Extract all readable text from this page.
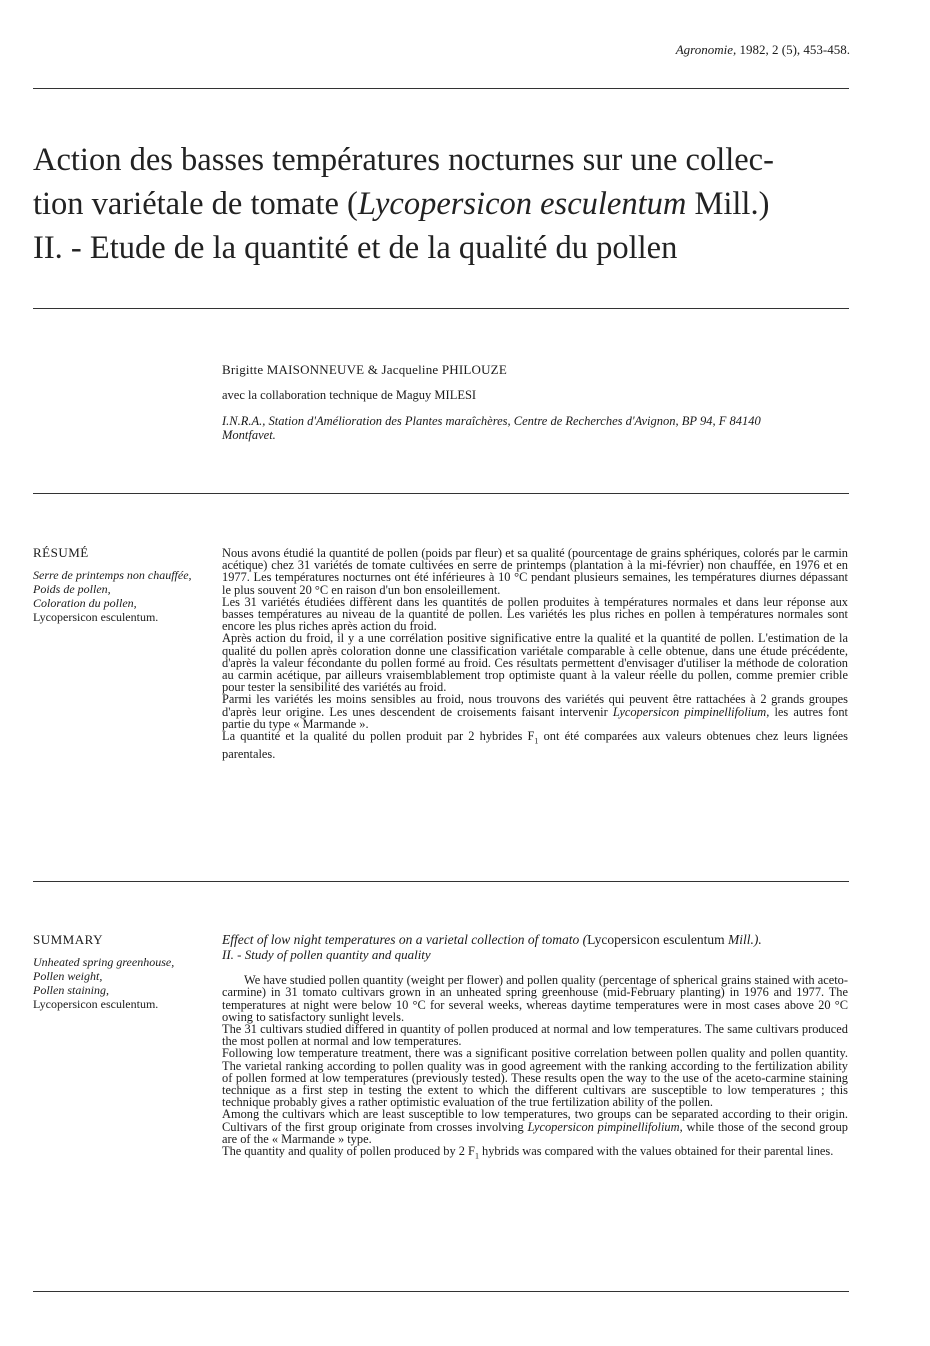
Agronomie, 1982, 2 (5), 453-458.
Action des basses températures nocturnes sur une collec-
tion variétale de tomate (Lycopersicon esculentum Mill.)
II. - Etude de la quantité et de la qualité du pollen
Brigitte MAISONNEUVE & Jacqueline PHILOUZE
avec la collaboration technique de Maguy MILESI
I.N.R.A., Station d'Amélioration des Plantes maraîchères, Centre de Recherches d'Avignon, BP 94, F 84140 Montfavet.
RÉSUMÉ
Serre de printemps non chauffée,
Poids de pollen,
Coloration du pollen,
Lycopersicon esculentum.

Nous avons étudié la quantité de pollen (poids par fleur) et sa qualité (pourcentage de grains sphériques, colorés par le carmin acétique) chez 31 variétés de tomate cultivées en serre de printemps (plantation à la mi-février) non chauffée, en 1976 et en 1977. Les températures nocturnes ont été inférieures à 10 °C pendant plusieurs semaines, les températures diurnes dépassant le plus souvent 20 °C en raison d'un bon ensoleillement.

Les 31 variétés étudiées diffèrent dans les quantités de pollen produites à températures normales et dans leur réponse aux basses températures au niveau de la quantité de pollen. Les variétés les plus riches en pollen à températures normales sont encore les plus riches après action du froid.

Après action du froid, il y a une corrélation positive significative entre la qualité et la quantité de pollen. L'estimation de la qualité du pollen après coloration donne une classification variétale comparable à celle obtenue, dans une étude précédente, d'après la valeur fécondante du pollen formé au froid. Ces résultats permettent d'envisager d'utiliser la méthode de coloration au carmin acétique, par ailleurs vraisemblablement trop optimiste quant à la valeur réelle du pollen, comme premier crible pour tester la sensibilité des variétés au froid.

Parmi les variétés les moins sensibles au froid, nous trouvons des variétés qui peuvent être rattachées à 2 grands groupes d'après leur origine. Les unes descendent de croisements faisant intervenir Lycopersicon pimpinellifolium, les autres font partie du type « Marmande ».

La quantité et la qualité du pollen produit par 2 hybrides $F_1$ ont été comparées aux valeurs obtenues chez leurs lignées parentales.

SUMMARY
Unheated spring greenhouse,
Pollen weight,
Pollen staining,
Lycopersicon esculentum.
Effect of low night temperatures on a varietal collection of tomato (Lycopersicon esculentum Mill.).
II. - Study of pollen quantity and quality

We have studied pollen quantity (weight per flower) and pollen quality (percentage of spherical grains stained with aceto-carmine) in 31 tomato cultivars grown in an unheated spring greenhouse (mid-February planting) in 1976 and 1977. The temperatures at night were below 10 °C for several weeks, whereas daytime temperatures were in most cases above 20 °C owing to satisfactory sunlight levels.

The 31 cultivars studied differed in quantity of pollen produced at normal and low temperatures. The same cultivars produced the most pollen at normal and low temperatures.

Following low temperature treatment, there was a significant positive correlation between pollen quality and pollen quantity. The varietal ranking according to pollen quality was in good agreement with the ranking according to the fertilization ability of pollen formed at low temperatures (previously tested). These results open the way to the use of the aceto-carmine staining technique as a first step in testing the extent to which the different cultivars are susceptible to low temperatures ; this technique probably gives a rather optimistic evaluation of the true fertilization ability of the pollen.

Among the cultivars which are least susceptible to low temperatures, two groups can be separated according to their origin. Cultivars of the first group originate from crosses involving Lycopersicon pimpinellifolium, while those of the second group are of the « Marmande » type.

The quantity and quality of pollen produced by 2 $F_1$ hybrids was compared with the values obtained for their parental lines.
